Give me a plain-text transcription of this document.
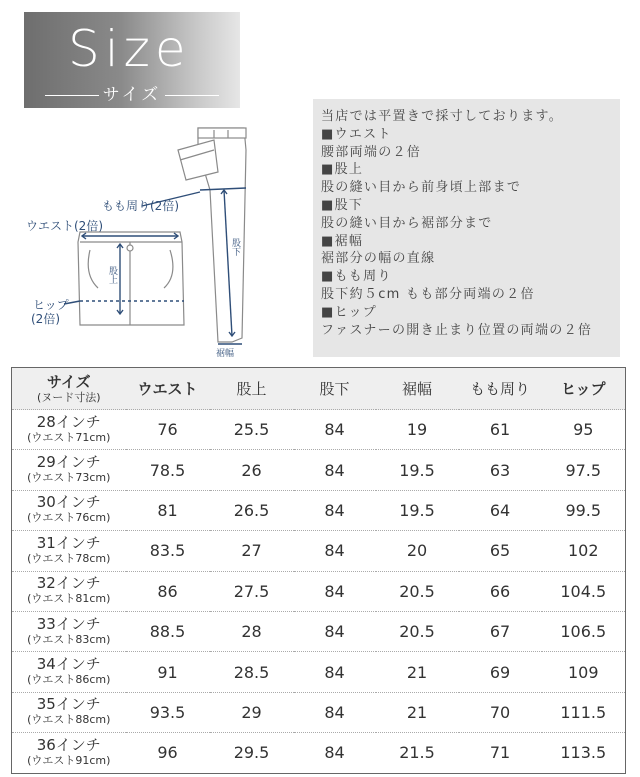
Size
サイズ
もも周り(2倍)
ウエスト(2倍)
ヒップ
(2倍)
股上
股下
裾幅
当店では平置きで採寸しております。
■ウエスト
腰部両端の２倍
■股上
股の縫い目から前身頃上部まで
■股下
股の縫い目から裾部分まで
■裾幅
裾部分の幅の直線
■もも周り
股下約５cm もも部分両端の２倍
■ヒップ
ファスナーの開き止まり位置の両端の２倍
サイズ
(ヌード寸法)	ウエスト	股上	股下	裾幅	もも周り	ヒップ

28インチ
(ウエスト71cm)	76	25.5	84	19	61	95

29インチ
(ウエスト73cm)	78.5	26	84	19.5	63	97.5

30インチ
(ウエスト76cm)	81	26.5	84	19.5	64	99.5

31インチ
(ウエスト78cm)	83.5	27	84	20	65	102

32インチ
(ウエスト81cm)	86	27.5	84	20.5	66	104.5

33インチ
(ウエスト83cm)	88.5	28	84	20.5	67	106.5

34インチ
(ウエスト86cm)	91	28.5	84	21	69	109

35インチ
(ウエスト88cm)	93.5	29	84	21	70	111.5

36インチ
(ウエスト91cm)	96	29.5	84	21.5	71	113.5
